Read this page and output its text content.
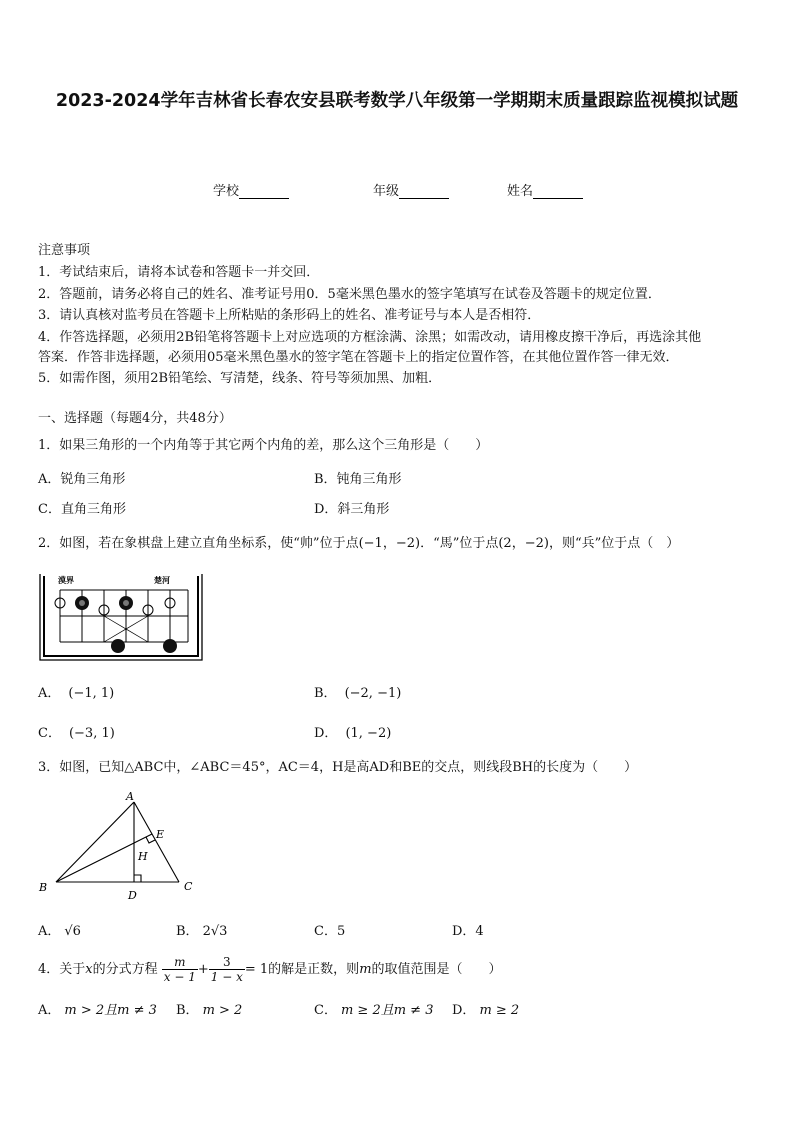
2023-2024学年吉林省长春农安县联考数学八年级第一学期期末质量跟踪监视模拟试题
学校	年级	姓名
注意事项
1．考试结束后，请将本试卷和答题卡一并交回．
2．答题前，请务必将自己的姓名、准考证号用0．5毫米黑色墨水的签字笔填写在试卷及答题卡的规定位置．
3．请认真核对监考员在答题卡上所粘贴的条形码上的姓名、准考证号与本人是否相符．
4．作答选择题，必须用2B铅笔将答题卡上对应选项的方框涂满、涂黑；如需改动，请用橡皮擦干净后，再选涂其他
答案．作答非选择题，必须用05毫米黑色墨水的签字笔在答题卡上的指定位置作答，在其他位置作答一律无效．
5．如需作图，须用2B铅笔绘、写清楚，线条、符号等须加黑、加粗．
一、选择题（每题4分，共48分）
1．如果三角形的一个内角等于其它两个内角的差，那么这个三角形是（　　）
A．锐角三角形	B．钝角三角形
C．直角三角形	D．斜三角形
2．如图，若在象棋盘上建立直角坐标系，使“帅”位于点(−1，−2)．“馬”位于点(2，−2)，则“兵”位于点（　）
漠界	楚河
A． (−1, 1)	B． (−2, −1)
C． (−3, 1)	D． (1, −2)
3．如图，已知△ABC中，∠ABC＝45°，AC＝4，H是高AD和BE的交点，则线段BH的长度为（　　）
A
B	C
D
E
H
A． √6	B． 2√3	C．5	D．4
4．关于x的分式方程 $\frac{m}{x - 1} + \frac{3}{1 - x} = 1$的解是正数，则m的取值范围是（　　）
A． m > 2且m ≠ 3 B． m > 2	C． m ≥ 2且m ≠ 3 D． m ≥ 2
